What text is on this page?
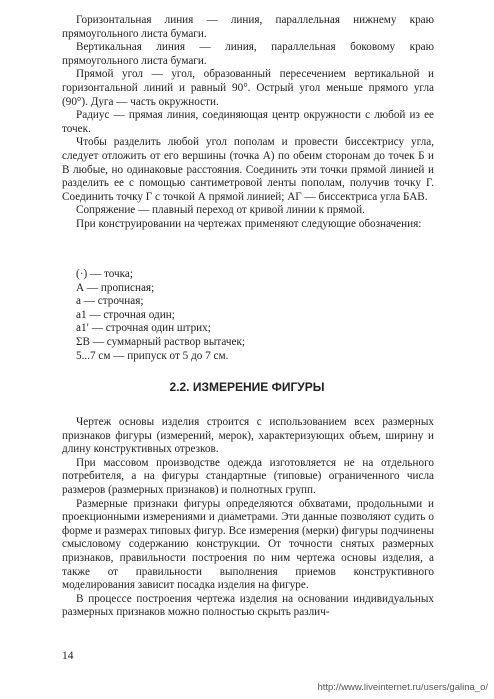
Горизонтальная линия — линия, параллельная нижнему краю прямоугольного листа бумаги.

Вертикальная линия — линия, параллельная боковому краю прямоугольного листа бумаги.

Прямой угол — угол, образованный пересечением вертикальной и горизонтальной линий и равный 90°. Острый угол меньше прямого угла (90°). Дуга — часть окружности.

Радиус — прямая линия, соединяющая центр окружности с любой из ее точек.

Чтобы разделить любой угол пополам и провести биссектрису угла, следует отложить от его вершины (точка А) по обеим сторонам до точек Б и В любые, но одинаковые расстояния. Соединить эти точки прямой линией и разделить ее с помощью сантиметровой ленты пополам, получив точку Г. Соединить точку Г с точкой А прямой линией; АГ — биссектриса угла БАВ.

Сопряжение — плавный переход от кривой линии к прямой.

При конструировании на чертежах применяют следующие обозначения:

(·) — точка;
А — прописная;
а — строчная;
а1 — строчная один;
а1′ — строчная один штрих;
ΣВ — суммарный раствор вытачек;
5...7 см — припуск от 5 до 7 см.
2.2. ИЗМЕРЕНИЕ ФИГУРЫ

Чертеж основы изделия строится с использованием всех размерных признаков фигуры (измерений, мерок), характеризующих объем, ширину и длину конструктивных отрезков.

При массовом производстве одежда изготовляется не на отдельного потребителя, а на фигуры стандартные (типовые) ограниченного числа размеров (размерных признаков) и полнотных групп.

Размерные признаки фигуры определяются обхватами, продольными и проекционными измерениями и диаметрами. Эти данные позволяют судить о форме и размерах типовых фигур. Все измерения (мерки) фигуры подчинены смысловому содержанию конструкции. От точности снятых размерных признаков, правильности построения по ним чертежа основы изделия, а также от правильности выполнения приемов конструктивного моделирования зависит посадка изделия на фигуре.

В процессе построения чертежа изделия на основании индивидуальных размерных признаков можно полностью скрыть различ-

14
http://www.liveinternet.ru/users/galina_o/
